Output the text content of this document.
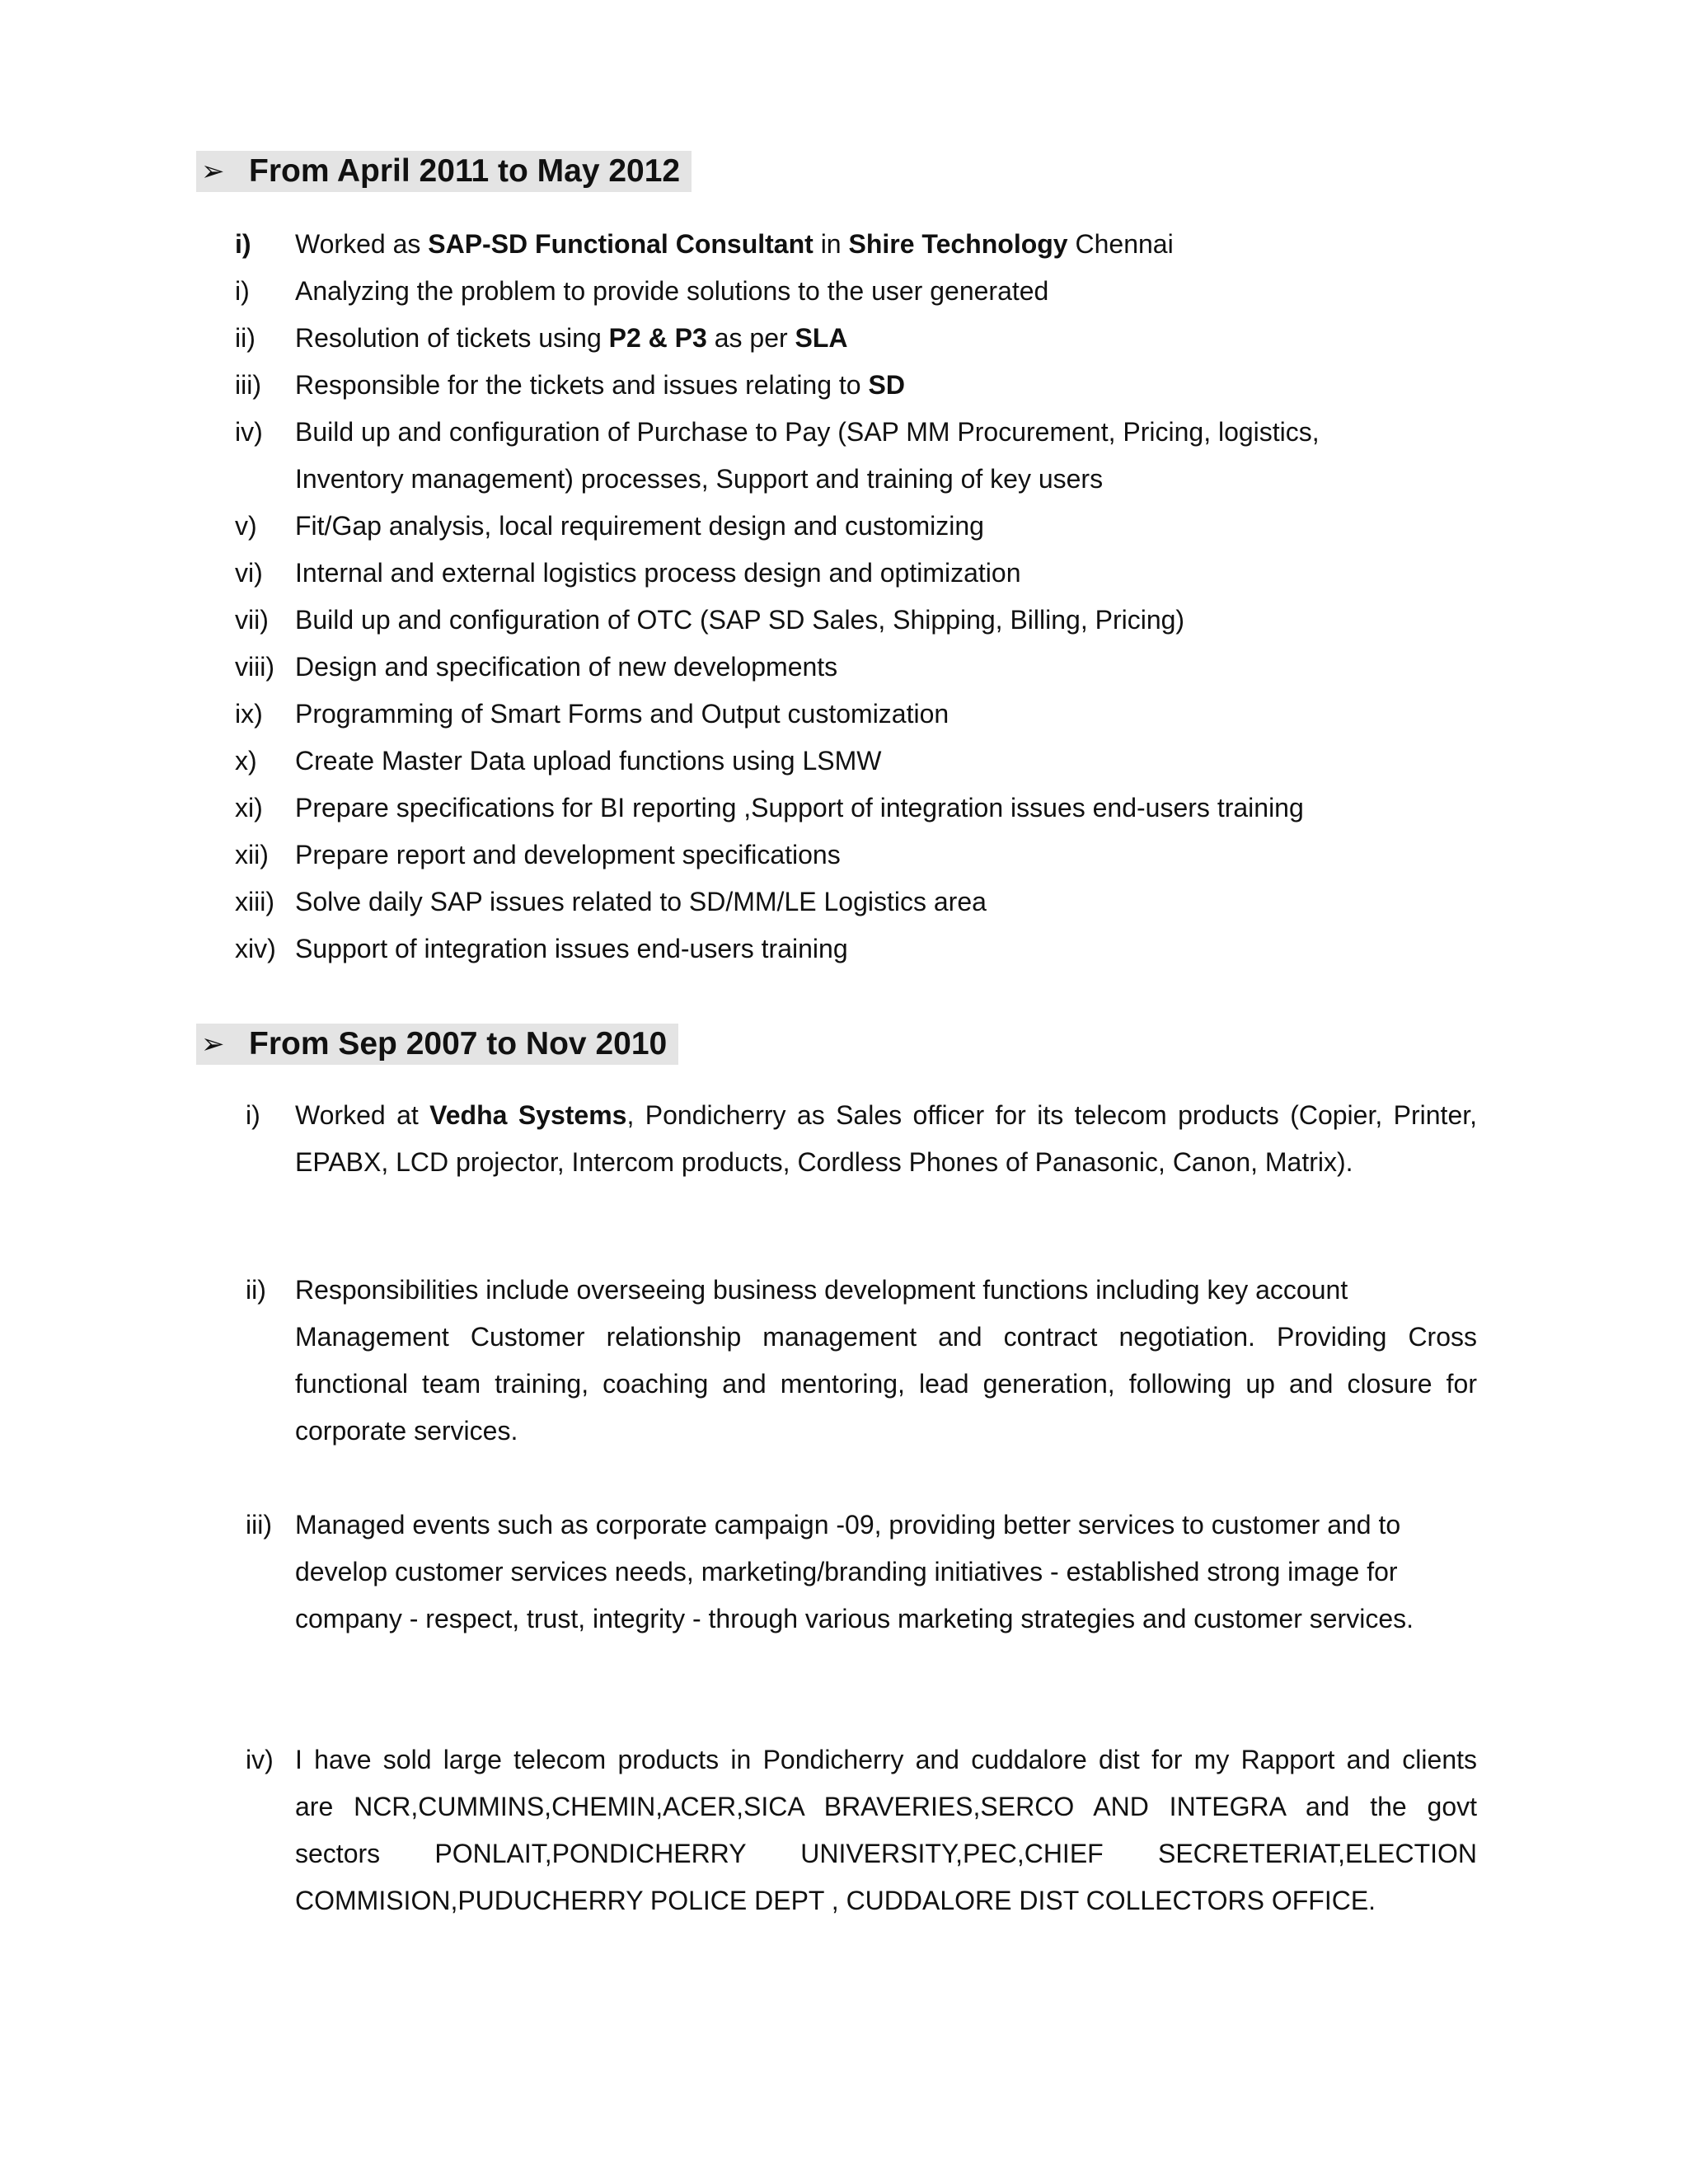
➢ From April 2011 to May 2012
i) Worked as SAP-SD Functional Consultant in Shire Technology Chennai
i) Analyzing the problem to provide solutions to the user generated
ii) Resolution of tickets using P2 & P3 as per SLA
iii) Responsible for the tickets and issues relating to SD
iv) Build up and configuration of Purchase to Pay (SAP MM Procurement, Pricing, logistics,
Inventory management) processes, Support and training of key users
v) Fit/Gap analysis, local requirement design and customizing
vi) Internal and external logistics process design and optimization
vii) Build up and configuration of OTC (SAP SD Sales, Shipping, Billing, Pricing)
viii) Design and specification of new developments
ix) Programming of Smart Forms and Output customization
x) Create Master Data upload functions using LSMW
xi) Prepare specifications for BI reporting ,Support of integration issues end-users training
xii) Prepare report and development specifications
xiii) Solve daily SAP issues related to SD/MM/LE Logistics area
xiv) Support of integration issues end-users training
➢ From Sep 2007 to Nov 2010
i) Worked at Vedha Systems, Pondicherry as Sales officer for its telecom products (Copier, Printer,
EPABX, LCD projector, Intercom products, Cordless Phones of Panasonic, Canon, Matrix).
ii) Responsibilities include overseeing business development functions including key account
Management Customer relationship management and contract negotiation. Providing Cross
functional team training, coaching and mentoring, lead generation, following up and closure for
corporate services.
iii) Managed events such as corporate campaign -09, providing better services to customer and to
develop customer services needs, marketing/branding initiatives - established strong image for
company - respect, trust, integrity - through various marketing strategies and customer services.
iv) I have sold large telecom products in Pondicherry and cuddalore dist for my Rapport and clients
are NCR,CUMMINS,CHEMIN,ACER,SICA BRAVERIES,SERCO AND INTEGRA and the govt
sectors PONLAIT,PONDICHERRY UNIVERSITY,PEC,CHIEF SECRETERIAT,ELECTION
COMMISION,PUDUCHERRY POLICE DEPT , CUDDALORE DIST COLLECTORS OFFICE.
